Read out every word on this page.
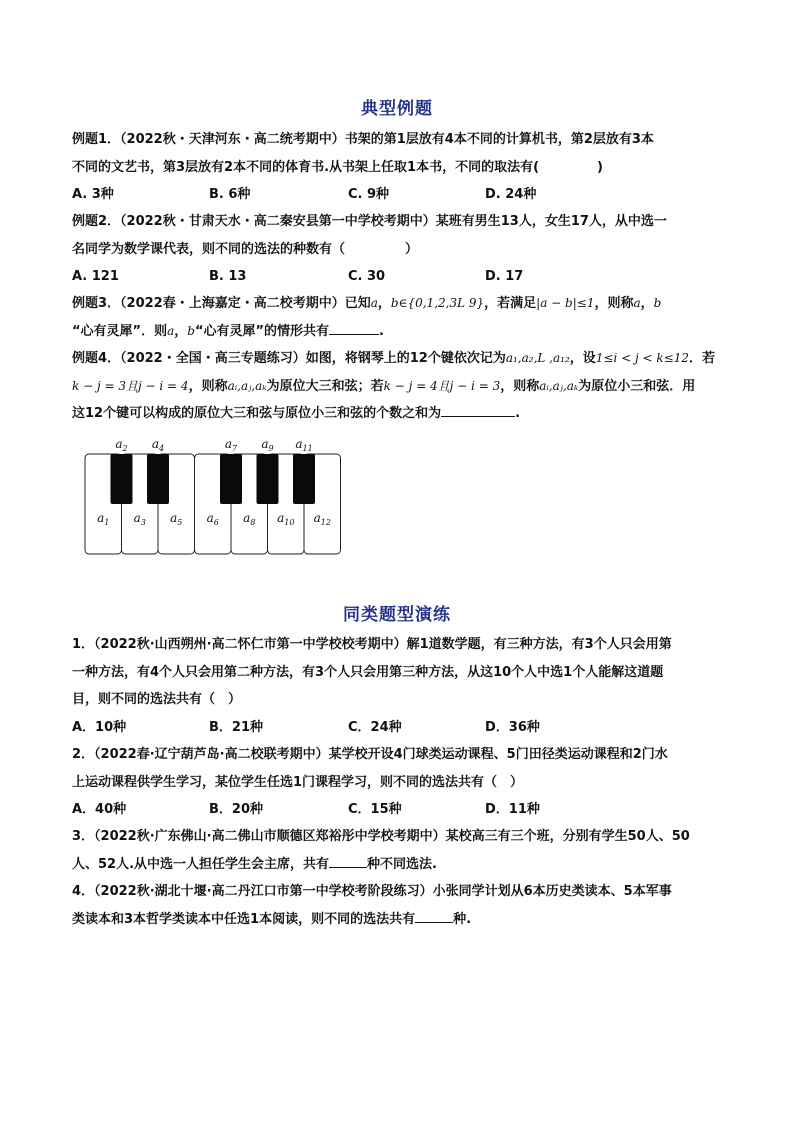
典型例题
例题1．（2022秋・天津河东・高二统考期中）书架的第1层放有4本不同的计算机书，第2层放有3本
不同的文艺书，第3层放有2本不同的体育书.从书架上任取1本书，不同的取法有(	)
A. 3种	B. 6种	C. 9种	D. 24种
例题2．（2022秋・甘肃天水・高二秦安县第一中学校考期中）某班有男生13人，女生17人，从中选一
名同学为数学课代表，则不同的选法的种数有（	）
A. 121	B. 13	C. 30	D. 17
例题3．（2022春・上海嘉定・高二校考期中）已知a，b∈{0,1,2,3L 9}，若满足|a − b|≤1，则称a，b
“心有灵犀”．则a，b“心有灵犀”的情形共有	.
例题4．（2022・全国・高三专题练习）如图，将钢琴上的12个键依次记为a₁,a₂,L ,a₁₂，设1≤i < j < k≤12．若
k − j = 3且j − i = 4，则称aᵢ,aⱼ,aₖ为原位大三和弦；若k − j = 4且j − i = 3，则称aᵢ,aⱼ,aₖ为原位小三和弦．用
这12个键可以构成的原位大三和弦与原位小三和弦的个数之和为	.
$a_1$ $a_3$ $a_5$ $a_6$ $a_8$ $a_{10}$ $a_{12}$
$a_2$ $a_4$	$a_7$ $a_9$ $a_{11}$
同类题型演练
1．（2022秋·山西朔州·高二怀仁市第一中学校校考期中）解1道数学题，有三种方法，有3个人只会用第
一种方法，有4个人只会用第二种方法，有3个人只会用第三种方法，从这10个人中选1个人能解这道题
目，则不同的选法共有（　）
A．10种	B．21种	C．24种	D．36种
2．（2022春·辽宁葫芦岛·高二校联考期中）某学校开设4门球类运动课程、5门田径类运动课程和2门水
上运动课程供学生学习，某位学生任选1门课程学习，则不同的选法共有（　）
A．40种	B．20种	C．15种	D．11种
3．（2022秋·广东佛山·高二佛山市顺德区郑裕彤中学校考期中）某校高三有三个班，分别有学生50人、50
人、52人.从中选一人担任学生会主席，共有	种不同选法.
4．（2022秋·湖北十堰·高二丹江口市第一中学校考阶段练习）小张同学计划从6本历史类读本、5本军事
类读本和3本哲学类读本中任选1本阅读，则不同的选法共有	种.
